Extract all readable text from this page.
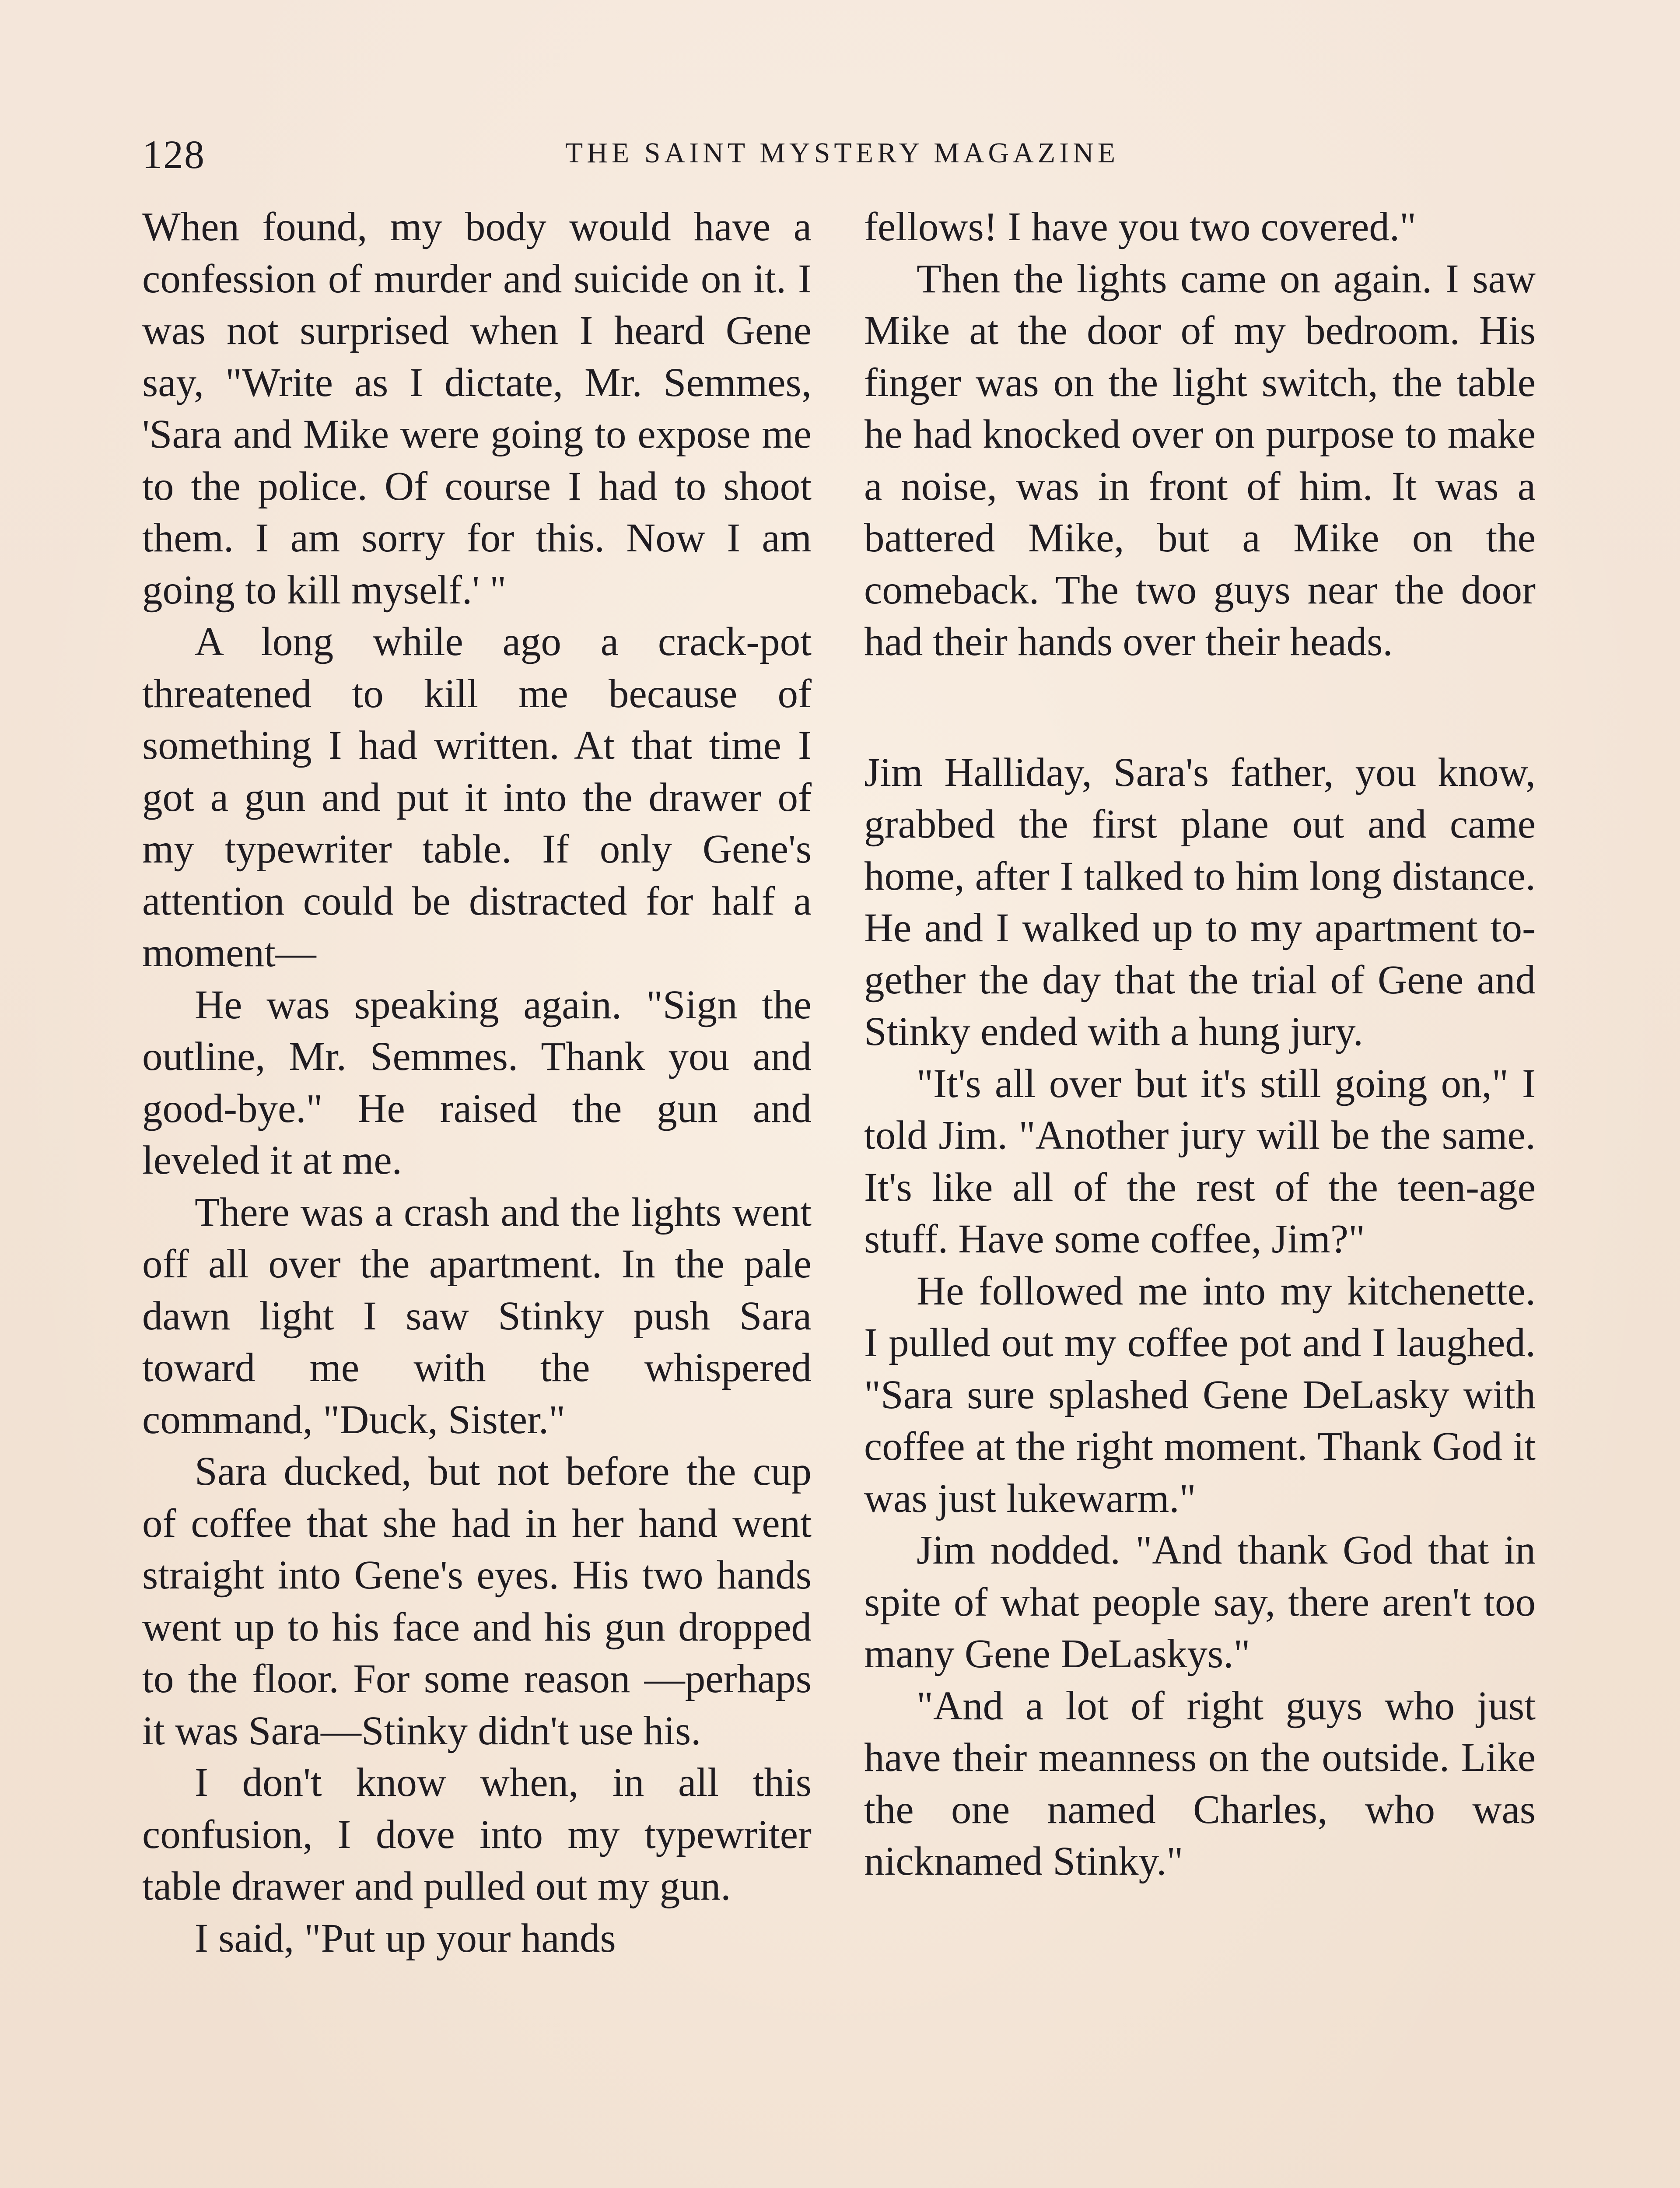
128	THE SAINT MYSTERY MAGAZINE

When found, my body would have a confession of murder and suicide on it. I was not surprised when I heard Gene say, "Write as I dictate, Mr. Semmes, 'Sara and Mike were going to expose me to the police. Of course I had to shoot them. I am sorry for this. Now I am going to kill myself.' "

A long while ago a crack-pot threatened to kill me because of something I had written. At that time I got a gun and put it into the drawer of my typewriter table. If only Gene's attention could be distracted for half a moment—

He was speaking again. "Sign the outline, Mr. Semmes. Thank you and good-bye." He raised the gun and leveled it at me.

There was a crash and the lights went off all over the apartment. In the pale dawn light I saw Stinky push Sara toward me with the whispered command, "Duck, Sister."

Sara ducked, but not before the cup of coffee that she had in her hand went straight into Gene's eyes. His two hands went up to his face and his gun dropped to the floor. For some reason —perhaps it was Sara—Stinky didn't use his.

I don't know when, in all this confusion, I dove into my typewriter table drawer and pulled out my gun.

I said, "Put up your hands

fellows! I have you two covered."

Then the lights came on again. I saw Mike at the door of my bedroom. His finger was on the light switch, the table he had knocked over on purpose to make a noise, was in front of him. It was a battered Mike, but a Mike on the comeback. The two guys near the door had their hands over their heads.

Jim Halliday, Sara's father, you know, grabbed the first plane out and came home, after I talked to him long distance. He and I walked up to my apartment together the day that the trial of Gene and Stinky ended with a hung jury.

"It's all over but it's still going on," I told Jim. "Another jury will be the same. It's like all of the rest of the teen-age stuff. Have some coffee, Jim?"

He followed me into my kitchenette. I pulled out my coffee pot and I laughed. "Sara sure splashed Gene DeLasky with coffee at the right moment. Thank God it was just lukewarm."

Jim nodded. "And thank God that in spite of what people say, there aren't too many Gene DeLaskys."

"And a lot of right guys who just have their meanness on the outside. Like the one named Charles, who was nicknamed Stinky."
